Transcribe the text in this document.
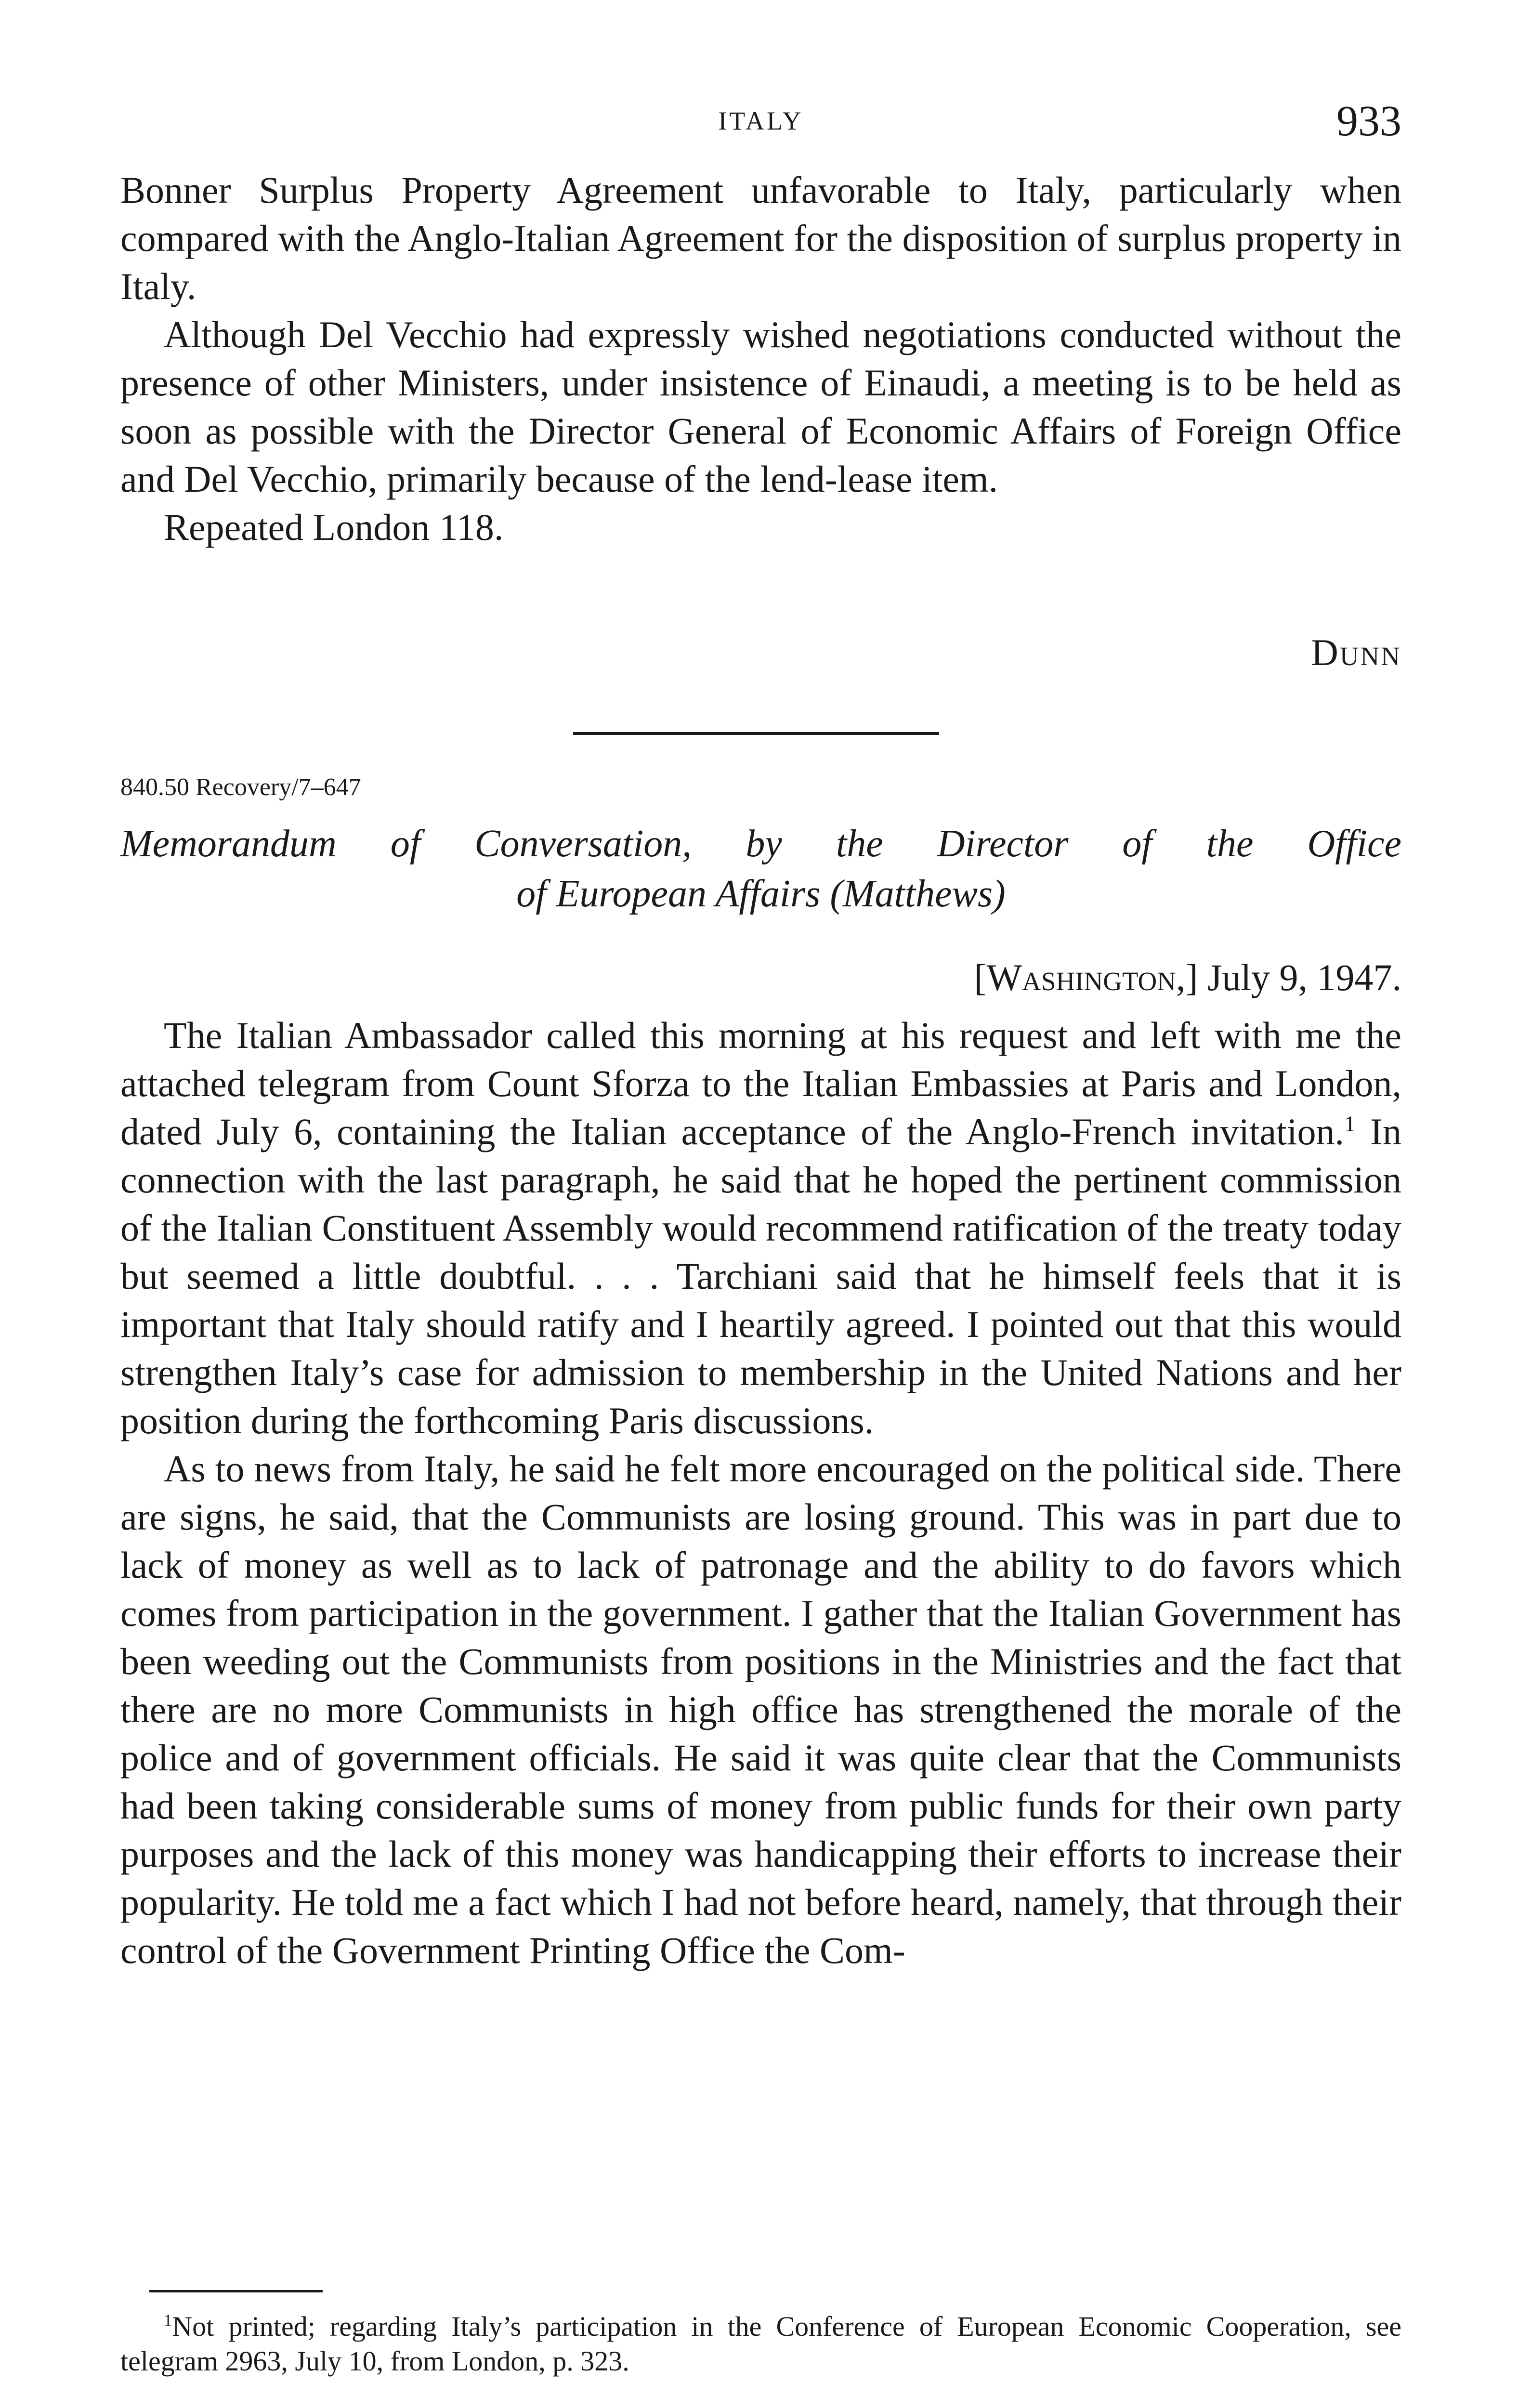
ITALY	933

Bonner Surplus Property Agreement unfavorable to Italy, particularly when compared with the Anglo-Italian Agreement for the disposition of surplus property in Italy.

Although Del Vecchio had expressly wished negotiations conducted without the presence of other Ministers, under insistence of Einaudi, a meeting is to be held as soon as possible with the Director General of Economic Affairs of Foreign Office and Del Vecchio, primarily because of the lend-lease item.

Repeated London 118.

Dunn
840.50 Recovery/7–647
Memorandum of Conversation, by the Director of the Office
of European Affairs (Matthews)
[Washington,] July 9, 1947.

The Italian Ambassador called this morning at his request and left with me the attached telegram from Count Sforza to the Italian Embassies at Paris and London, dated July 6, containing the Italian acceptance of the Anglo-French invitation.$^1$ In connection with the last paragraph, he said that he hoped the pertinent commission of the Italian Constituent Assembly would recommend ratification of the treaty today but seemed a little doubtful. . . . Tarchiani said that he himself feels that it is important that Italy should ratify and I heartily agreed. I pointed out that this would strengthen Italy’s case for admission to membership in the United Nations and her position during the forthcoming Paris discussions.

As to news from Italy, he said he felt more encouraged on the political side. There are signs, he said, that the Communists are losing ground. This was in part due to lack of money as well as to lack of patronage and the ability to do favors which comes from participation in the government. I gather that the Italian Government has been weeding out the Communists from positions in the Ministries and the fact that there are no more Communists in high office has strengthened the morale of the police and of government officials. He said it was quite clear that the Communists had been taking considerable sums of money from public funds for their own party purposes and the lack of this money was handicapping their efforts to increase their popularity. He told me a fact which I had not before heard, namely, that through their control of the Government Printing Office the Com-

$^1$Not printed; regarding Italy’s participation in the Conference of European Economic Cooperation, see telegram 2963, July 10, from London, p. 323.
